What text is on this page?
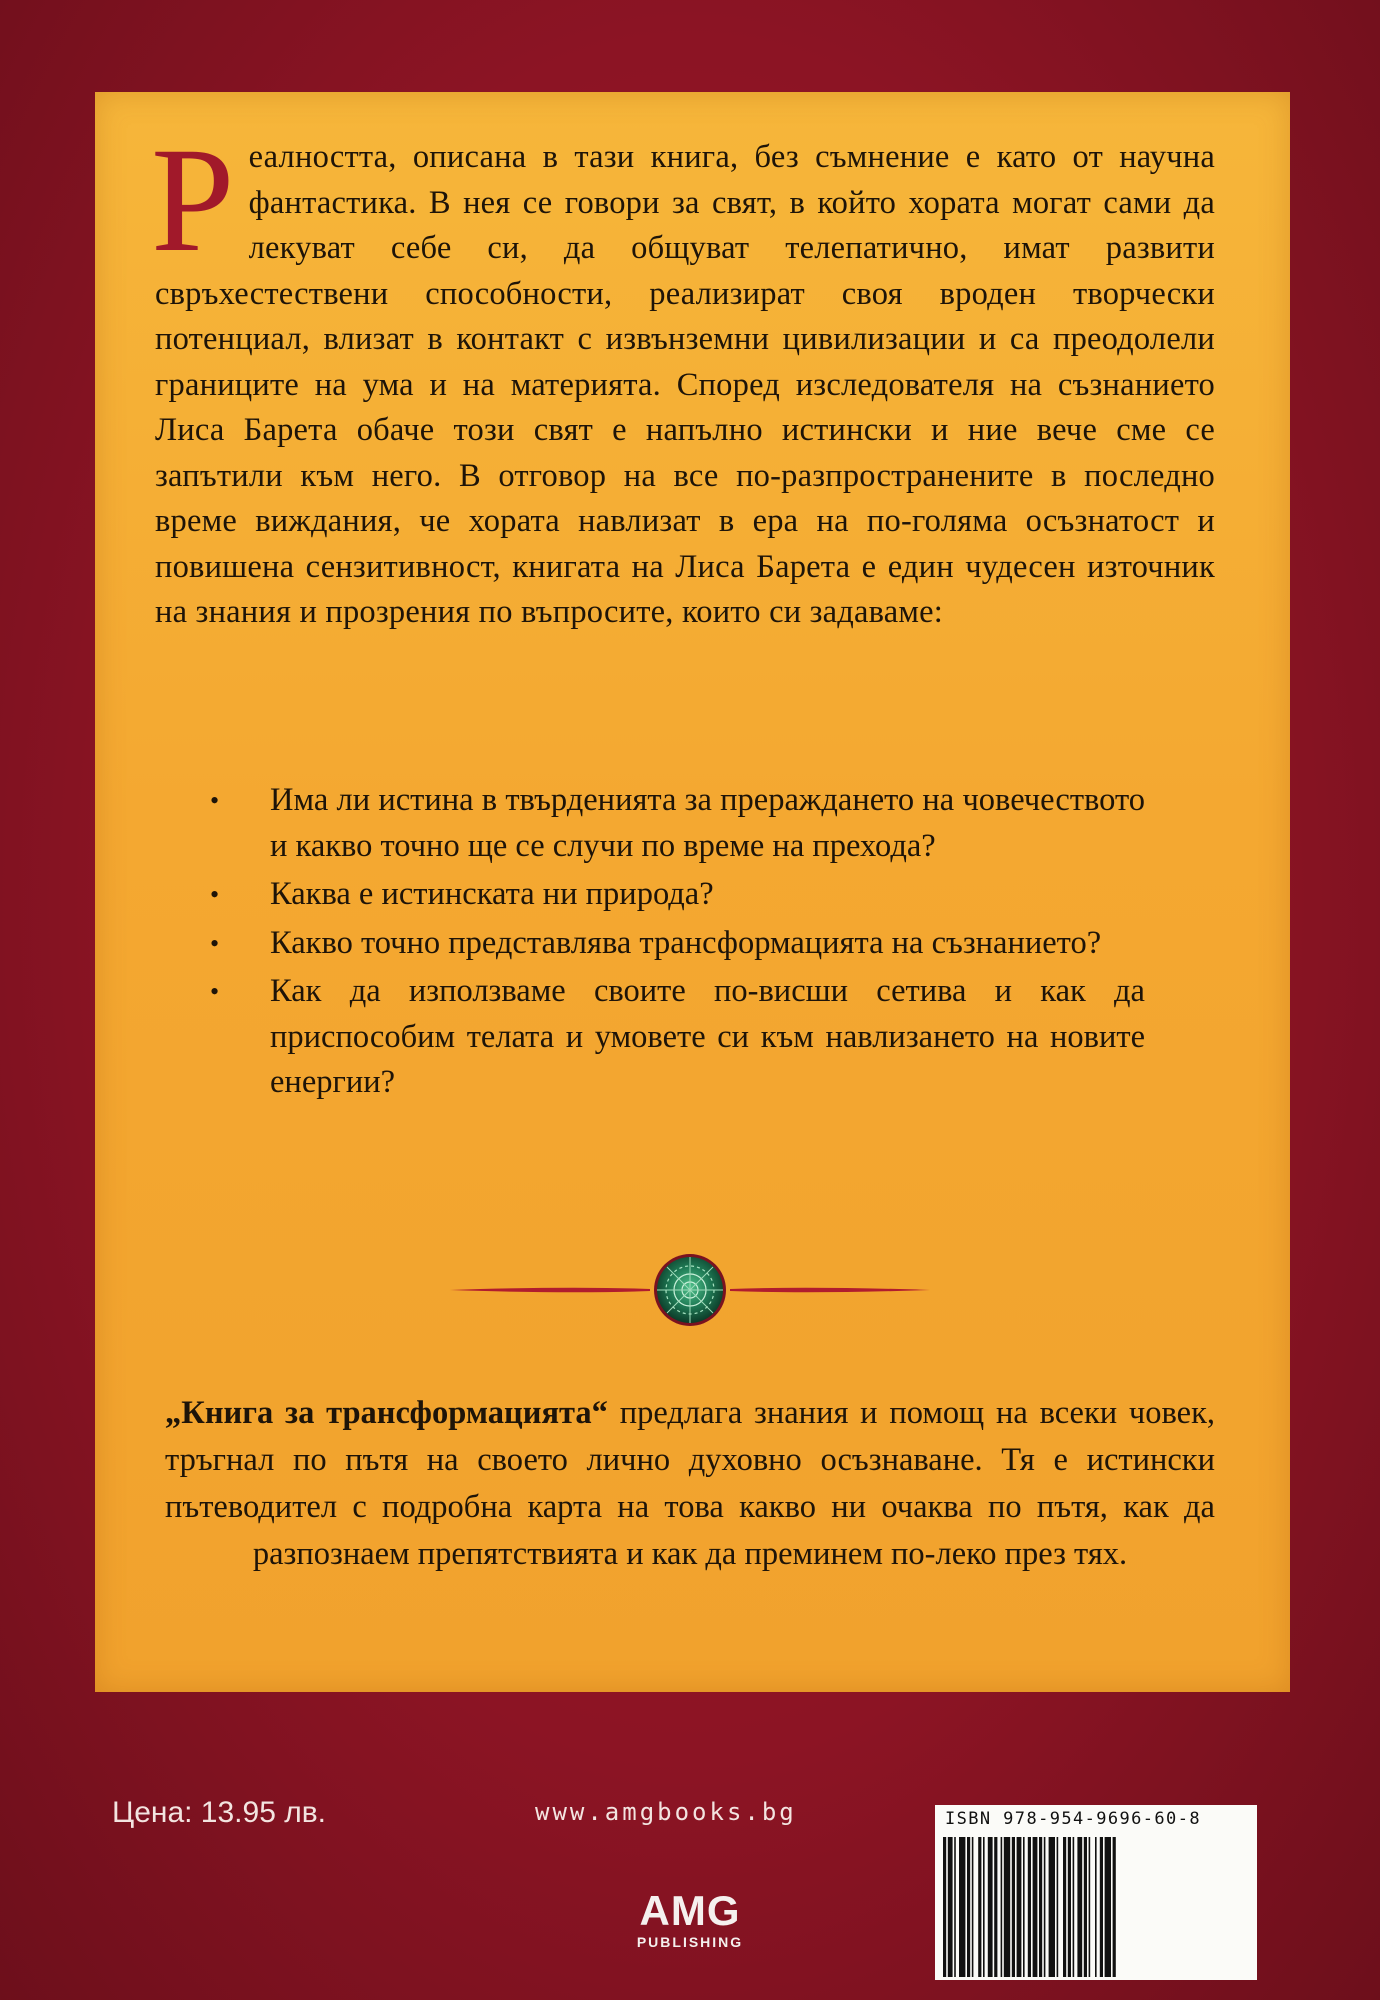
Реалността, описана в тази книга, без съмнение е като от научна фантастика. В нея се говори за свят, в който хората могат сами да лекуват себе си, да общуват телепатично, имат развити свръхестествени способности, реализират своя вроден творчески потенциал, влизат в контакт с извънземни цивилизации и са преодолели границите на ума и на материята. Според изследователя на съзнанието Лиса Барета обаче този свят е напълно истински и ние вече сме се запътили към него. В отговор на все по-разпространените в последно време виждания, че хората навлизат в ера на по-голяма осъзнатост и повишена сензитивност, книгата на Лиса Барета е един чудесен източник на знания и прозрения по въпросите, които си задаваме:
• Има ли истина в твърденията за прераждането на човечеството и какво точно ще се случи по време на прехода?
• Каква е истинската ни природа?
• Какво точно представлява трансформацията на съзнанието?
• Как да използваме своите по-висши сетива и как да приспособим телата и умовете си към навлизането на новите енергии?
„Книга за трансформацията“ предлага знания и помощ на всеки човек, тръгнал по пътя на своето лично духовно осъзнаване. Тя е истински пътеводител с подробна карта на това какво ни очаква по пътя, как да разпознаем препятствията и как да преминем по-леко през тях.
Цена: 13.95 лв.	www.amgbooks.bg	ISBN 978-954-9696-60-8
AMG
PUBLISHING
